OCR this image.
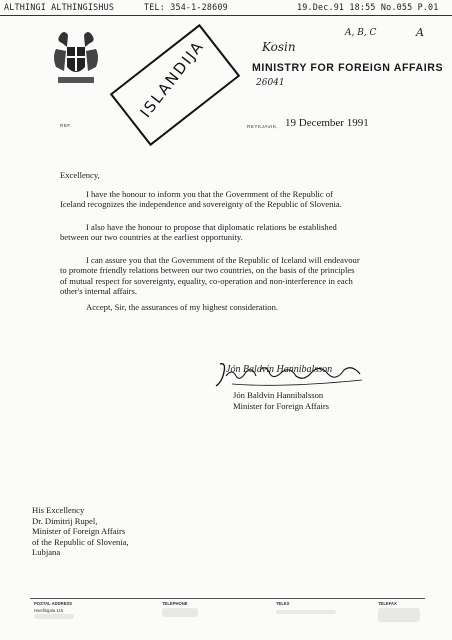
ALTHINGI ALTHINGISHUS	TEL: 354-1-28609	19.Dec.91 18:55 No.055 P.01
ISLANDIJA	Kosin
A, B, C	A
26041
MINISTRY FOR FOREIGN AFFAIRS
REF.	REYKJAVIK, 19 December 1991
Excellency,
I have the honour to inform you that the Government of the Republic of
Iceland recognizes the independence and sovereignty of the Republic of Slovenia.
I also have the honour to propose that diplomatic relations be established
between our two countries at the earliest opportunity.
I can assure you that the Government of the Republic of Iceland will endeavour
to promote friendly relations between our two countries, on the basis of the principles
of mutual respect for sovereignty, equality, co-operation and non-interference in each
other's internal affairs.
Accept, Sir, the assurances of my highest consideration.
Jón Baldvin Hannibalsson
Jón Baldvin Hannibalsson
Minister for Foreign Affairs
His Excellency
Dr. Dimitrij Rupel,
Minister of Foreign Affairs
of the Republic of Slovenia,
Lubjana
POSTAL ADDRESS
Hverfisgata 115
TELEPHONE	TELEX	TELEFAX
